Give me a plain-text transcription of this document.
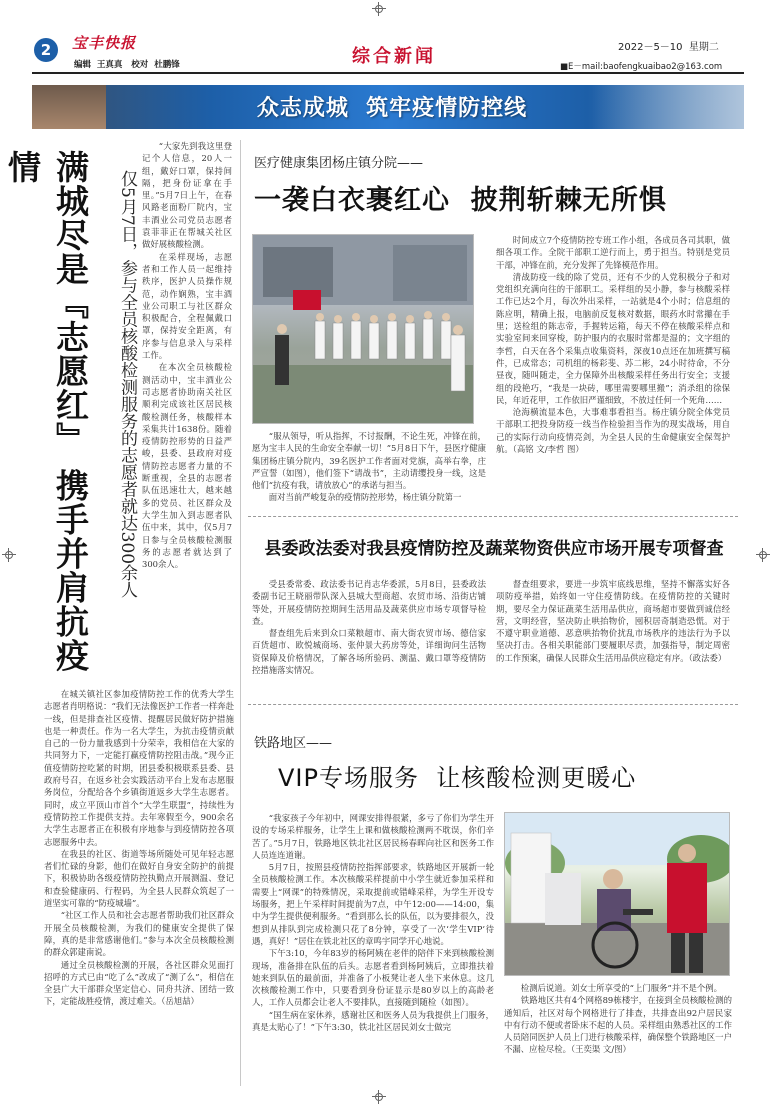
2	宝丰快报
编辑  王真真   校对  杜鹏锋	综合新闻	2022－5－10 星期二
■E－mail:baofengkuaibao2@163.com
众志成城  筑牢疫情防控线
满城尽是『志愿红』 携手并肩抗疫情
仅5月7日，参与全员核酸检测服务的志愿者就达300余人

“大家先到我这里登记个人信息，20人一组，戴好口罩，保持间隔，把身份证拿在手里。”5月7日上午，在春风路老面粉厂院内，宝丰酒业公司党员志愿者袁菲菲正在帮城关社区做好展核酸检测。

在采样现场，志愿者和工作人员一起维持秩序，医护人员操作规范，动作娴熟，宝丰酒业公司职工与社区群众积极配合，全程佩戴口罩，保持安全距离，有序参与信息录入与采样工作。

在本次全员核酸检测活动中，宝丰酒业公司志愿者协助南关社区顺利完成该社区居民核酸检测任务，核酸样本采集共计1638份。随着疫情防控形势的日益严峻，县委、县政府对疫情防控志愿者力量的不断重视，全县的志愿者队伍迅速壮大，越来越多的党员、社区群众及大学生加入到志愿者队伍中来，其中，仅5月7日参与全员核酸检测服务的志愿者就达到了300余人。

在城关镇社区参加疫情防控工作的优秀大学生志愿者肖明格说：“我们无法像医护工作者一样奔赴一线，但是排查社区疫情、提醒居民做好防护措施也是一种责任。作为一名大学生，为抗击疫情贡献自己的一份力量我感到十分荣幸，我相信在大家的共同努力下，一定能打赢疫情防控阻击战。”现今正值疫情防控吃紧的时期，团县委积极联系县委、县政府号召，在返乡社会实践活动平台上发布志愿服务岗位，分配给各个乡镇街道返乡大学生志愿者。同时，成立平顶山市首个“大学生联盟”，持续性为疫情防控工作提供支持。去年寒假至今，900余名大学生志愿者正在积极有序地参与到疫情防控各项志愿服务中去。

在我县的社区、街道等场所随处可见年轻志愿者们忙碌的身影，他们在做好自身安全防护的前提下，积极协助各级疫情防控执勤点开展测温、登记和查验健康码、行程码，为全县人民群众筑起了一道坚实可靠的“防疫城墙”。

“社区工作人员和社会志愿者帮助我们社区群众开展全员核酸检测，为我们的健康安全提供了保障，真的是非常感谢他们。”参与本次全员核酸检测的群众郭建南说。

通过全员核酸检测的开展，各社区群众见面打招呼的方式已由“吃了么”改成了“测了么”，相信在全县广大干部群众坚定信心、同舟共济、团结一致下，定能战胜疫情，渡过难关。（岳旭喆）

医疗健康集团杨庄镇分院——
一袭白衣裹红心  披荆斩棘无所惧

“服从领导，听从指挥，不讨报酬，不论生死，冲锋在前，愿为宝丰人民的生命安全奉献一切！”5月8日下午，县医疗健康集团杨庄镇分院内，39名医护工作者面对党旗，高举右拳，庄严宣誓（如图），他们签下“请战书”，主动请缨投身一线，这是他们“抗疫有我，请放放心”的承诺与担当。

面对当前严峻复杂的疫情防控形势，杨庄镇分院第一

时间成立7个疫情防控专班工作小组，各成员各司其职，做细各项工作。全院干部职工逆行而上，勇于担当。特别是党员干部，冲锋在前，充分发挥了先锋模范作用。

清战防疫一线的除了党员，还有不少的人党积极分子和对党组织充满向往的干部职工。采样组的吴小静，参与核酸采样工作已达2个月，每次外出采样，一站就是4个小时；信息组的陈应明，精确上报，电脑前反复核对数据，眼药水时常攥在手里；送检组的陈志帝，手握转运箱，每天不停在核酸采样点和实验室间来回穿梭，防护服内的衣服时常都是湿的；文字组的李哲，白天在各个采集点收集资料，深夜10点还在加班撰写稿件，已成常态；司机组的杨彩斐、苏二彬，24小时待命，不分昼夜，随叫随走，全力保障外出核酸采样任务出行安全；支援组的段艳巧，“我是一块砖，哪里需要哪里搬”；消杀组的徐保民，年近花甲，工作依旧严谨细致，不放过任何一个死角……

沧海横流显本色，大事难事看担当。杨庄镇分院全体党员干部职工把投身防疫一线当作检验担当作为的现实战场，用自己的实际行动向疫情亮剑，为全县人民的生命健康安全保驾护航。（高铭 文/李哲 图）

县委政法委对我县疫情防控及蔬菜物资供应市场开展专项督查

受县委常委、政法委书记肖志华委派，5月8日，县委政法委副书记王晓丽带队深入县城大型商超、农贸市场、沿街店铺等处，开展疫情防控期间生活用品及蔬菜供应市场专项督导检查。

督查组先后来到众口菜粮超市、南大街农贸市场、德信家百货超市、欧悦城商场、张仲景大药房等处，详细询问生活物资保障及价格情况，了解各场所验码、测温、戴口罩等疫情防控措施落实情况。

督查组要求，要进一步筑牢底线思维，坚持不懈落实好各项防疫举措，始终如一守住疫情防线。在疫情防控的关键时期，要尽全力保证蔬菜生活用品供应，商场超市要做到诚信经营，文明经营，坚决防止哄抬物价，囤积居奇制造恐慌。对于不遵守职业道德、恶意哄抬物价扰乱市场秩序的违法行为予以坚决打击。各相关职能部门要履职尽责，加强指导，制定周密的工作预案，确保人民群众生活用品供应稳定有序。（政法委）

铁路地区——
VIP专场服务  让核酸检测更暖心

“我家孩子今年初中，网课安排得很紧，多亏了你们为学生开设的专场采样服务，让学生上课和做核酸检测两不耽误，你们辛苦了。”5月7日，铁路地区铁北社区居民杨春晖向社区和医务工作人员连连道谢。

5月7日，按照县疫情防控指挥部要求，铁路地区开展新一轮全员核酸检测工作。本次核酸采样提前中小学生就近参加采样和需要上“网课”的特殊情况，采取提前或错峰采样，为学生开设专场服务，把上午采样时间提前为7点，中午12:00——14:00，集中为学生提供便利服务。“看到那么长的队伍，以为要排很久，没想到从排队到完成检测只花了8分钟，享受了一次‘学生VIP’待遇，真好！”居住在铁北社区的章鸣宇同学开心地说。

下午3:10，今年83岁的杨阿姨在老伴的陪伴下来到核酸检测现场，准备排在队伍的后头。志愿者看到杨阿姨后，立即推扶着她来到队伍的最前面，并准备了小板凳让老人坐下来休息。这几次核酸检测工作中，只要看到身份证显示是80岁以上的高龄老人，工作人员都会让老人不要排队，直接随到随检（如图）。

“国生病在家休养，感谢社区和医务人员为我提供上门服务，真是太贴心了！”下午3:30，铁北社区居民刘女士做完

检测后说道。刘女士所享受的“上门服务”并不是个例。

铁路地区共有4个网格89栋楼宇，在接到全员核酸检测的通知后，社区对每个网格进行了排查，共排查出92户居民家中有行动不便或者卧床不起的人员。采样组由熟悉社区的工作人员陪同医护人员上门进行核酸采样，确保整个铁路地区一户不漏、应检尽检。（王奕渠 文/图）
